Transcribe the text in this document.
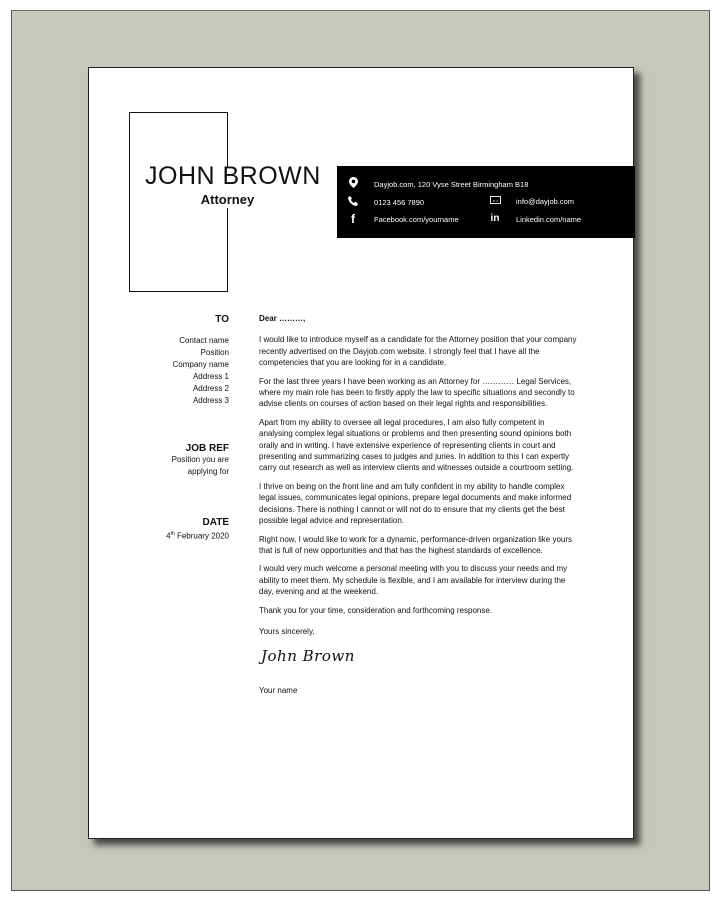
JOHN BROWN
Attorney
Dayjob.com, 120 Vyse Street Birmingham B18
0123 456 7890	info@dayjob.com
f	Facebook.com/yourname	in Linkedin.com/name
TO
Contact name
Position
Company name
Address 1
Address 2
Address 3
JOB REF
Position you are
applying for
DATE
4th February 2020

Dear ………,

I would like to introduce myself as a candidate for the Attorney position that your company recently advertised on the Dayjob.com website. I strongly feel that I have all the competencies that you are looking for in a candidate.

For the last three years I have been working as an Attorney for ………… Legal Services, where my main role has been to firstly apply the law to specific situations and secondly to advise clients on courses of action based on their legal rights and responsibilities.

Apart from my ability to oversee all legal procedures, I am also fully competent in analysing complex legal situations or problems and then presenting sound opinions both orally and in writing. I have extensive experience of representing clients in court and presenting and summarizing cases to judges and juries. In addition to this I can expertly carry out research as well as interview clients and witnesses outside a courtroom setting.

I thrive on being on the front line and am fully confident in my ability to handle complex legal issues, communicates legal opinions, prepare legal documents and make informed decisions. There is nothing I cannot or will not do to ensure that my clients get the best possible legal advice and representation.

Right now, I would like to work for a dynamic, performance-driven organization like yours that is full of new opportunities and that has the highest standards of excellence.

I would very much welcome a personal meeting with you to discuss your needs and my ability to meet them. My schedule is flexible, and I am available for interview during the day, evening and at the weekend.

Thank you for your time, consideration and forthcoming response.

Yours sincerely,

John Brown

Your name
